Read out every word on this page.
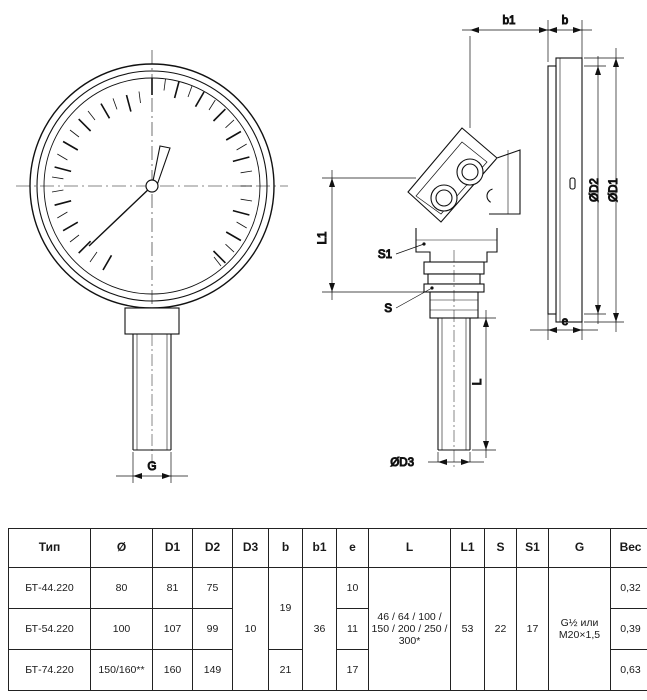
G
b1	b
ØD2 ØD1
e
L1
L
ØD3
S1
S
Тип	Ø	D1	D2	D3	b	b1	e	L	L1	S	S1	G	Вес
БТ-44.220	80	81	75	10	19	36	10	46 / 64 / 100 / 150 / 200 / 250 / 300*	53	22	17	G½ или M20×1,5	0,32
БТ-54.220	100	107	99				11						0,39
БТ-74.220	150/160**	160	149		21		17						0,63
